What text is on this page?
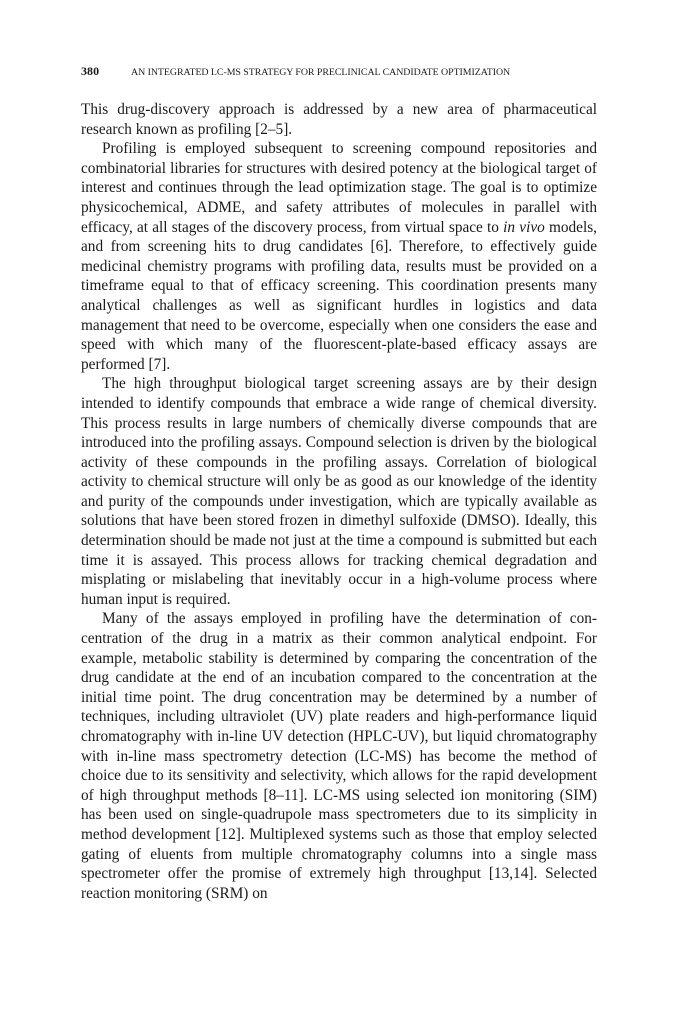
380	AN INTEGRATED LC-MS STRATEGY FOR PRECLINICAL CANDIDATE OPTIMIZATION

This drug-discovery approach is addressed by a new area of pharmaceutical research known as profiling [2–5].

Profiling is employed subsequent to screening compound repositories and combinatorial libraries for structures with desired potency at the biological target of interest and continues through the lead optimization stage. The goal is to optimize physicochemical, ADME, and safety attributes of molecules in parallel with efficacy, at all stages of the discovery process, from virtual space to in vivo models, and from screening hits to drug candidates [6]. Therefore, to effectively guide medicinal chemistry programs with profiling data, results must be provided on a timeframe equal to that of efficacy screening. This coordination presents many analytical challenges as well as significant hurdles in logistics and data management that need to be overcome, especially when one considers the ease and speed with which many of the fluorescent-plate-based efficacy assays are performed [7].

The high throughput biological target screening assays are by their design intended to identify compounds that embrace a wide range of chemical diversity. This process results in large numbers of chemically diverse compounds that are introduced into the profiling assays. Compound selection is driven by the biological activity of these compounds in the profiling assays. Correlation of biological activity to chemical structure will only be as good as our knowledge of the identity and purity of the compounds under investigation, which are typically available as solutions that have been stored frozen in dimethyl sulfoxide (DMSO). Ideally, this determination should be made not just at the time a compound is submitted but each time it is assayed. This process allows for tracking chemical degradation and misplating or mislabeling that inevitably occur in a high-volume process where human input is required.

Many of the assays employed in profiling have the determination of concentration of the drug in a matrix as their common analytical endpoint. For example, metabolic stability is determined by comparing the concentration of the drug candidate at the end of an incubation compared to the concentration at the initial time point. The drug concentration may be determined by a number of techniques, including ultraviolet (UV) plate readers and high-performance liquid chromatography with in-line UV detection (HPLC-UV), but liquid chromatography with in-line mass spectrometry detection (LC-MS) has become the method of choice due to its sensitivity and selectivity, which allows for the rapid development of high throughput methods [8–11]. LC-MS using selected ion monitoring (SIM) has been used on single-quadrupole mass spectrometers due to its simplicity in method development [12]. Multiplexed systems such as those that employ selected gating of eluents from multiple chromatography columns into a single mass spectrometer offer the promise of extremely high throughput [13,14]. Selected reaction monitoring (SRM) on
